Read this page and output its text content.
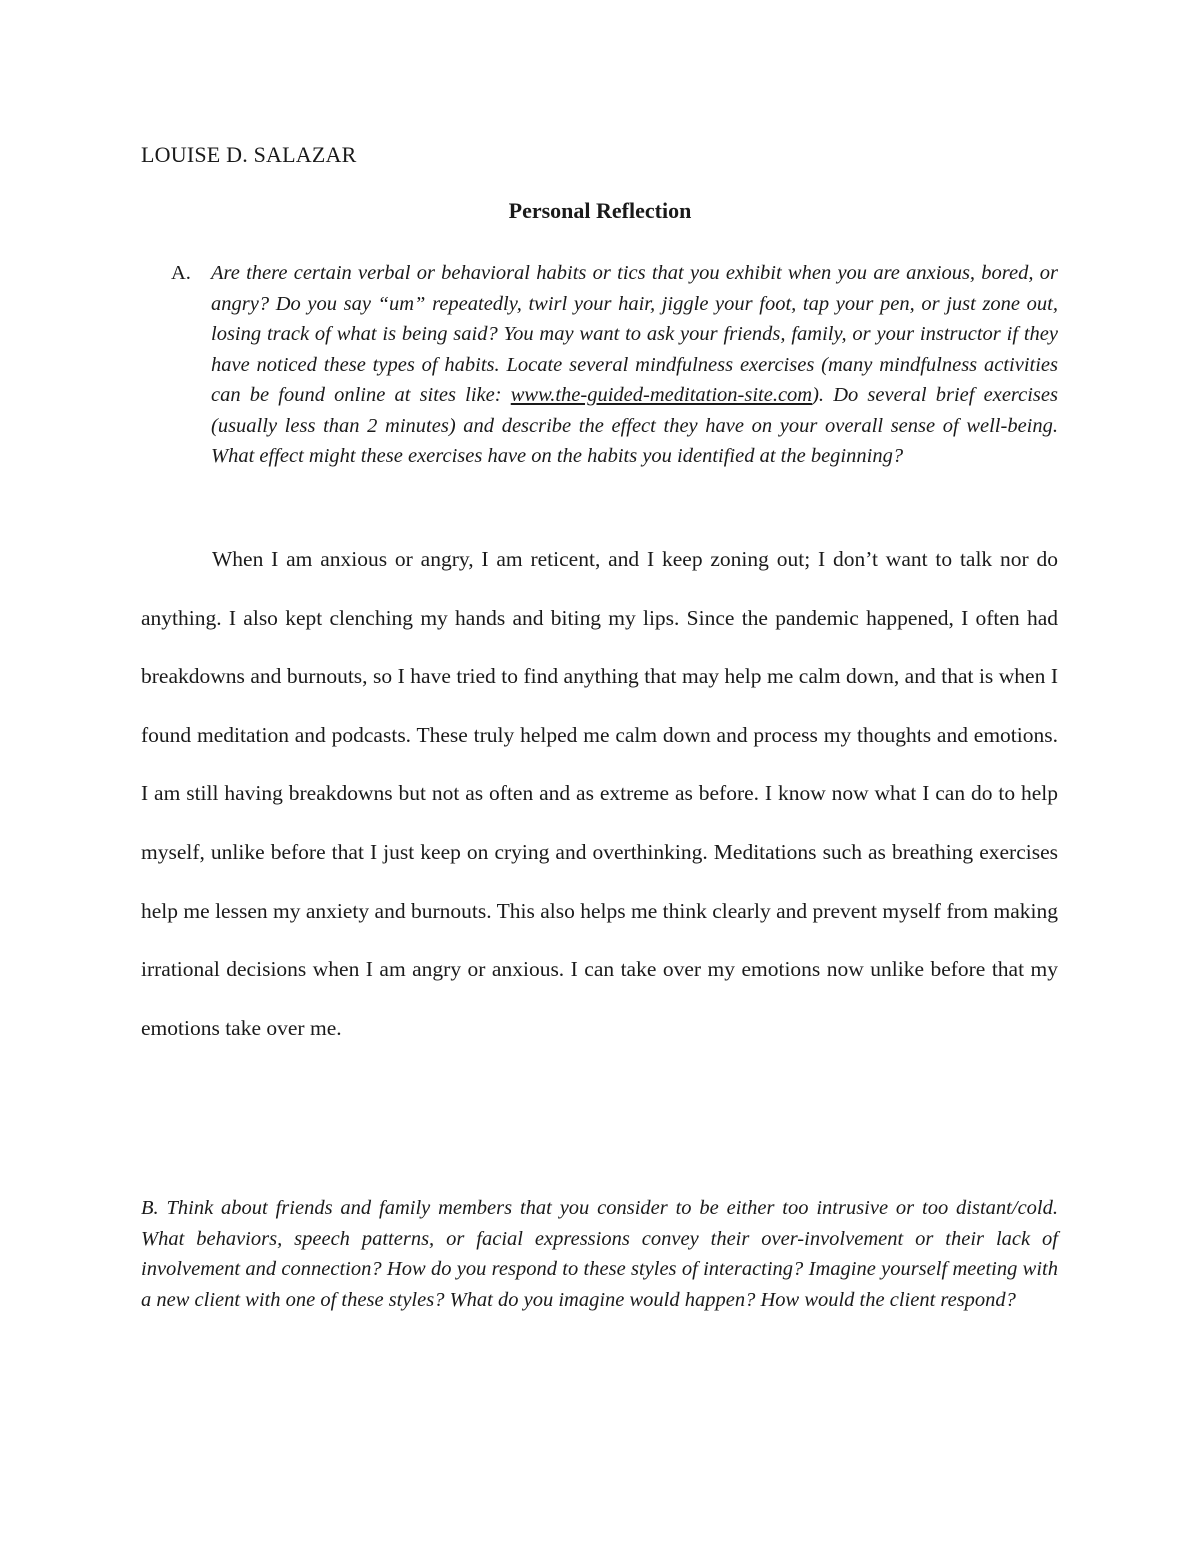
LOUISE D. SALAZAR
Personal Reflection
A. Are there certain verbal or behavioral habits or tics that you exhibit when you are anxious, bored, or angry? Do you say “um” repeatedly, twirl your hair, jiggle your foot, tap your pen, or just zone out, losing track of what is being said? You may want to ask your friends, family, or your instructor if they have noticed these types of habits. Locate several mindfulness exercises (many mindfulness activities can be found online at sites like: www.the-guided-meditation-site.com). Do several brief exercises (usually less than 2 minutes) and describe the effect they have on your overall sense of well-being. What effect might these exercises have on the habits you identified at the beginning?

When I am anxious or angry, I am reticent, and I keep zoning out; I don’t want to talk nor do anything. I also kept clenching my hands and biting my lips. Since the pandemic happened, I often had breakdowns and burnouts, so I have tried to find anything that may help me calm down, and that is when I found meditation and podcasts. These truly helped me calm down and process my thoughts and emotions. I am still having breakdowns but not as often and as extreme as before. I know now what I can do to help myself, unlike before that I just keep on crying and overthinking. Meditations such as breathing exercises help me lessen my anxiety and burnouts. This also helps me think clearly and prevent myself from making irrational decisions when I am angry or anxious. I can take over my emotions now unlike before that my emotions take over me.

B. Think about friends and family members that you consider to be either too intrusive or too distant/cold. What behaviors, speech patterns, or facial expressions convey their over-involvement or their lack of involvement and connection? How do you respond to these styles of interacting? Imagine yourself meeting with a new client with one of these styles? What do you imagine would happen? How would the client respond?
